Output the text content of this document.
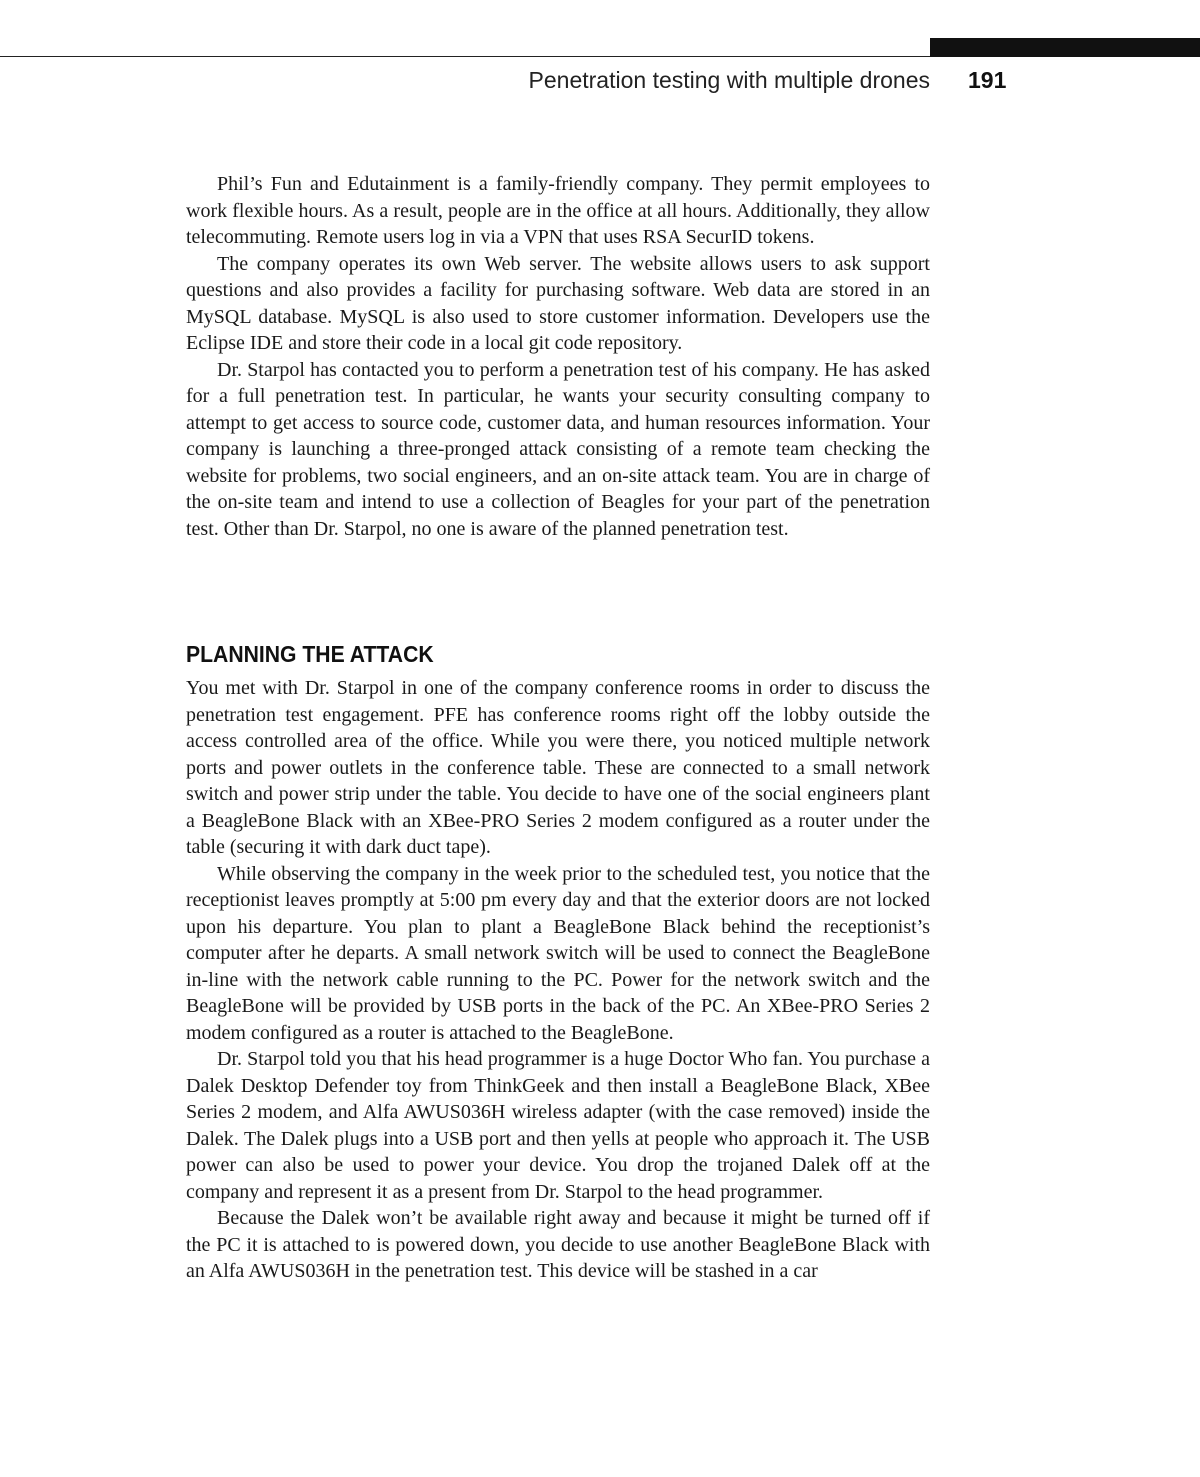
Penetration testing with multiple drones 191

Phil’s Fun and Edutainment is a family-friendly company. They permit employees to work flexible hours. As a result, people are in the office at all hours. Additionally, they allow telecommuting. Remote users log in via a VPN that uses RSA SecurID tokens.

The company operates its own Web server. The website allows users to ask support questions and also provides a facility for purchasing software. Web data are stored in an MySQL database. MySQL is also used to store customer information. Developers use the Eclipse IDE and store their code in a local git code repository.

Dr. Starpol has contacted you to perform a penetration test of his company. He has asked for a full penetration test. In particular, he wants your security consulting company to attempt to get access to source code, customer data, and human resources information. Your company is launching a three-pronged attack consisting of a remote team checking the website for problems, two social engineers, and an on-site attack team. You are in charge of the on-site team and intend to use a collection of Beagles for your part of the penetration test. Other than Dr. Starpol, no one is aware of the planned penetration test.

PLANNING THE ATTACK

You met with Dr. Starpol in one of the company conference rooms in order to discuss the penetration test engagement. PFE has conference rooms right off the lobby outside the access controlled area of the office. While you were there, you noticed multiple network ports and power outlets in the conference table. These are connected to a small network switch and power strip under the table. You decide to have one of the social engineers plant a BeagleBone Black with an XBee-PRO Series 2 modem configured as a router under the table (securing it with dark duct tape).

While observing the company in the week prior to the scheduled test, you notice that the receptionist leaves promptly at 5:00 pm every day and that the exterior doors are not locked upon his departure. You plan to plant a BeagleBone Black behind the receptionist’s computer after he departs. A small network switch will be used to connect the BeagleBone in-line with the network cable running to the PC. Power for the network switch and the BeagleBone will be provided by USB ports in the back of the PC. An XBee-PRO Series 2 modem configured as a router is attached to the BeagleBone.

Dr. Starpol told you that his head programmer is a huge Doctor Who fan. You purchase a Dalek Desktop Defender toy from ThinkGeek and then install a BeagleBone Black, XBee Series 2 modem, and Alfa AWUS036H wireless adapter (with the case removed) inside the Dalek. The Dalek plugs into a USB port and then yells at people who approach it. The USB power can also be used to power your device. You drop the trojaned Dalek off at the company and represent it as a present from Dr. Starpol to the head programmer.

Because the Dalek won’t be available right away and because it might be turned off if the PC it is attached to is powered down, you decide to use another BeagleBone Black with an Alfa AWUS036H in the penetration test. This device will be stashed in a car
